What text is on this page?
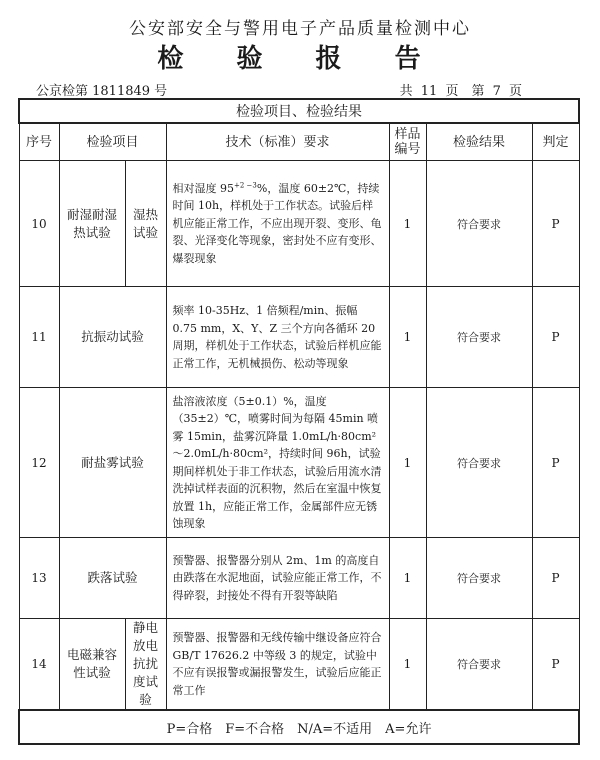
公安部安全与警用电子产品质量检测中心
检 验 报 告
公京检第 1811849 号	共 11 页　第 7 页
检验项目、检验结果						
序号	检验项目		技术（标准）要求	样品编号	检验结果	判定
10	耐湿耐湿热试验	湿热试验	相对湿度 $95^{+2 -3}\%$，温度 60±2℃，持续时间 10h，样机处于工作状态。试验后样机应能正常工作，不应出现开裂、变形、龟裂、光泽变化等现象，密封处不应有变形、爆裂现象	1	符合要求	P
11	抗振动试验		频率 10-35Hz、1 倍频程/min、振幅 0.75 mm，X、Y、Z 三个方向各循环 20 周期，样机处于工作状态，试验后样机应能正常工作，无机械损伤、松动等现象	1	符合要求	P
12	耐盐雾试验		盐溶液浓度（5±0.1）%，温度（35±2）℃，喷雾时间为每隔 45min 喷雾 15min，盐雾沉降量 1.0mL/h·80cm²～2.0mL/h·80cm²，持续时间 96h，试验期间样机处于非工作状态，试验后用流水清洗掉试样表面的沉积物，然后在室温中恢复放置 1h，应能正常工作，金属部件应无锈蚀现象	1	符合要求	P
13	跌落试验		预警器、报警器分别从 2m、1m 的高度自由跌落在水泥地面，试验应能正常工作，不得碎裂，封接处不得有开裂等缺陷	1	符合要求	P
14	电磁兼容性试验	静电放电抗扰度试验	预警器、报警器和无线传输中继设备应符合 GB/T 17626.2 中等级 3 的规定，试验中不应有误报警或漏报警发生，试验后应能正常工作	1	符合要求	P
P=合格　F=不合格　N/A=不适用　A=允许						
